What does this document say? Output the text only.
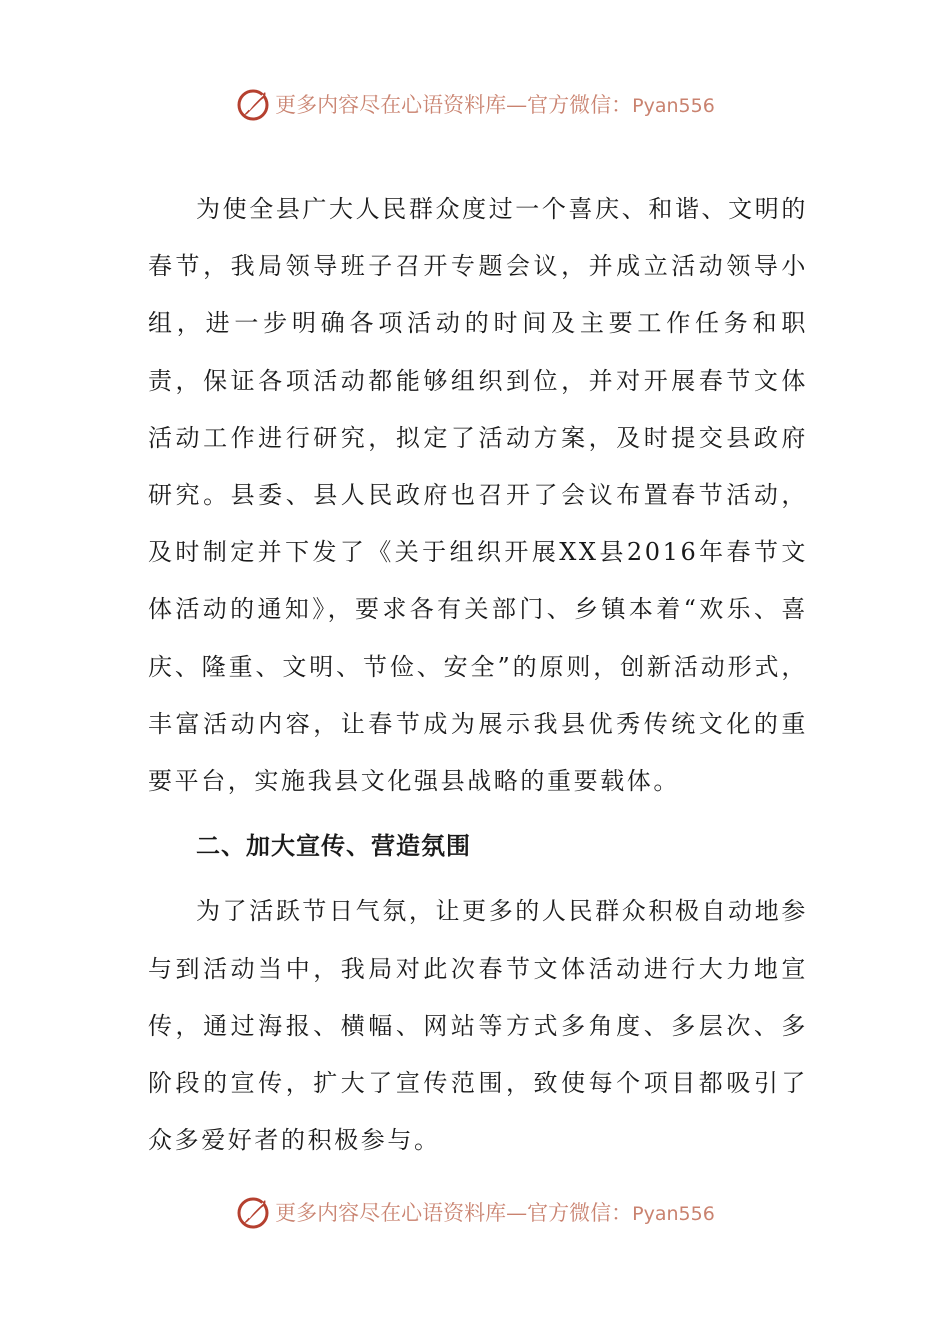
更多内容尽在心语资料库—官方微信：Pyan556

为使全县广大人民群众度过一个喜庆、和谐、文明的春节，我局领导班子召开专题会议，并成立活动领导小组，进一步明确各项活动的时间及主要工作任务和职责，保证各项活动都能够组织到位，并对开展春节文体活动工作进行研究，拟定了活动方案，及时提交县政府研究。县委、县人民政府也召开了会议布置春节活动，及时制定并下发了《关于组织开展XX县2016年春节文体活动的通知》，要求各有关部门、乡镇本着“欢乐、喜庆、隆重、文明、节俭、安全”的原则，创新活动形式，丰富活动内容，让春节成为展示我县优秀传统文化的重要平台，实施我县文化强县战略的重要载体。

二、加大宣传、营造氛围

为了活跃节日气氛，让更多的人民群众积极自动地参与到活动当中，我局对此次春节文体活动进行大力地宣传，通过海报、横幅、网站等方式多角度、多层次、多阶段的宣传，扩大了宣传范围，致使每个项目都吸引了众多爱好者的积极参与。

更多内容尽在心语资料库—官方微信：Pyan556
